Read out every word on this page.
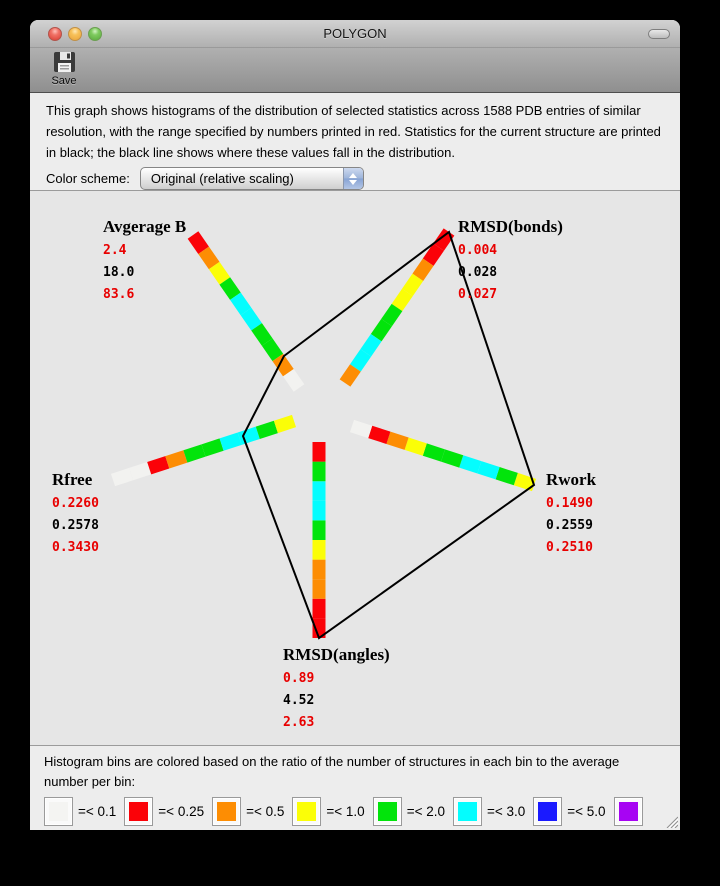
POLYGON
Save
This graph shows histograms of the distribution of selected statistics across 1588 PDB entries of similar resolution, with the range specified by numbers printed in red. Statistics for the current structure are printed in black; the black line shows where these values fall in the distribution.
Color scheme: Original (relative scaling)
Avgerage B
2.4
18.0
83.6
RMSD(bonds)
0.004
0.028
0.027
Rwork
0.1490
0.2559
0.2510
RMSD(angles)
0.89
4.52
2.63
Rfree
0.2260
0.2578
0.3430
Histogram bins are colored based on the ratio of the number of structures in each bin to the average number per bin:
=< 0.1	=< 0.25	=< 0.5	=< 1.0	=< 2.0	=< 3.0	=< 5.0
